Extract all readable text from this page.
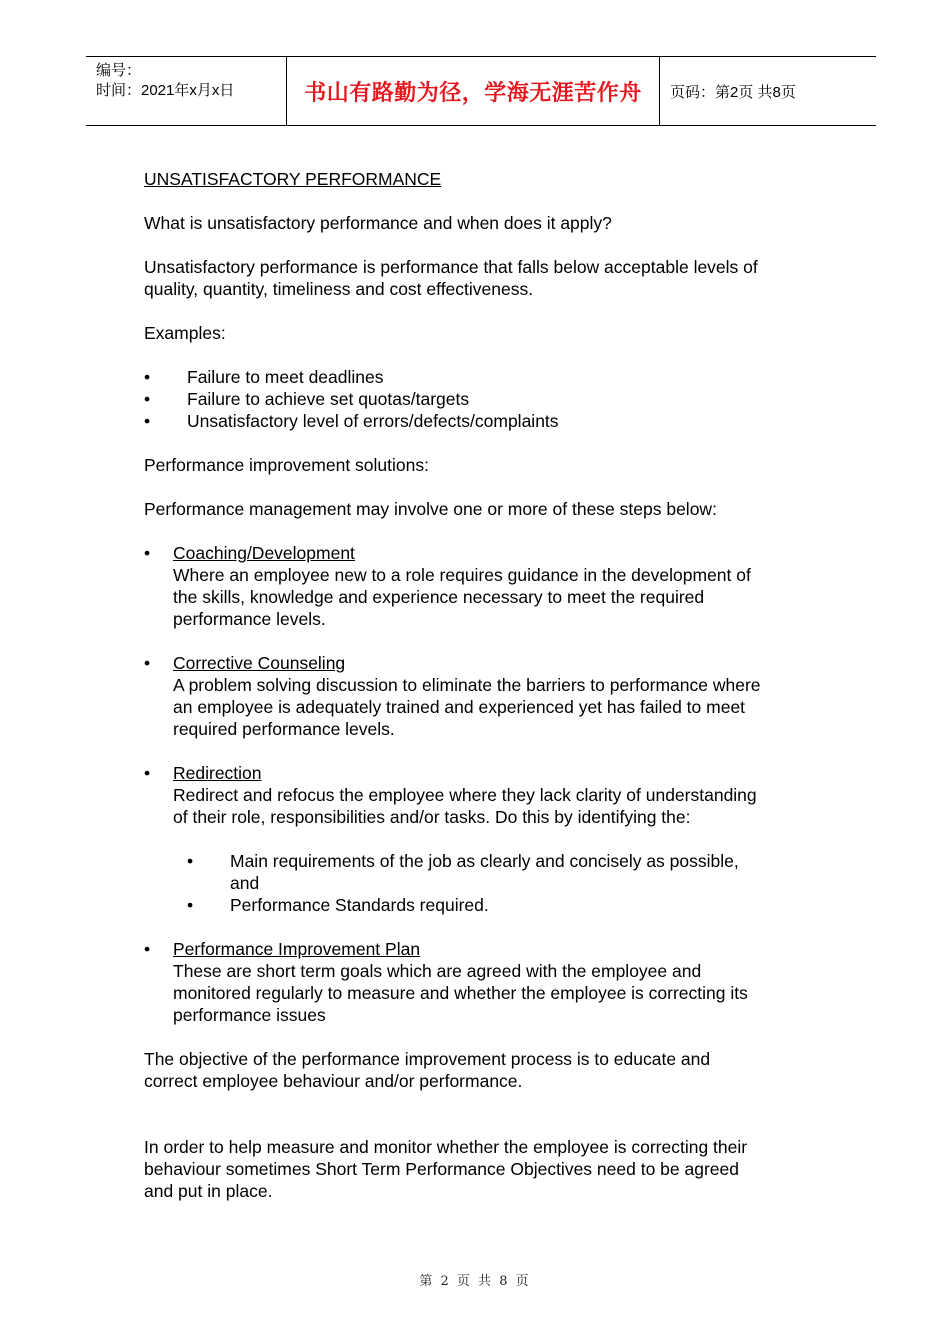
编号：
时间：2021年x月x日	书山有路勤为径，学海无涯苦作舟	页码：第2页 共8页

UNSATISFACTORY PERFORMANCE

What is unsatisfactory performance and when does it apply?

Unsatisfactory performance is performance that falls below acceptable levels of

quality, quantity, timeliness and cost effectiveness.

Examples:

•	Failure to meet deadlines
•	Failure to achieve set quotas/targets
•	Unsatisfactory level of errors/defects/complaints

Performance improvement solutions:

Performance management may involve one or more of these steps below:

•	Coaching/Development

Where an employee new to a role requires guidance in the development of

the skills, knowledge and experience necessary to meet the required

performance levels.

•	Corrective Counseling

A problem solving discussion to eliminate the barriers to performance where

an employee is adequately trained and experienced yet has failed to meet

required performance levels.

•	Redirection

Redirect and refocus the employee where they lack clarity of understanding

of their role, responsibilities and/or tasks. Do this by identifying the:

•	Main requirements of the job as clearly and concisely as possible,

and

•	Performance Standards required.
•	Performance Improvement Plan

These are short term goals which are agreed with the employee and

monitored regularly to measure and whether the employee is correcting its

performance issues

The objective of the performance improvement process is to educate and

correct employee behaviour and/or performance.

In order to help measure and monitor whether the employee is correcting their

behaviour sometimes Short Term Performance Objectives need to be agreed

and put in place.

第 2 页 共 8 页
